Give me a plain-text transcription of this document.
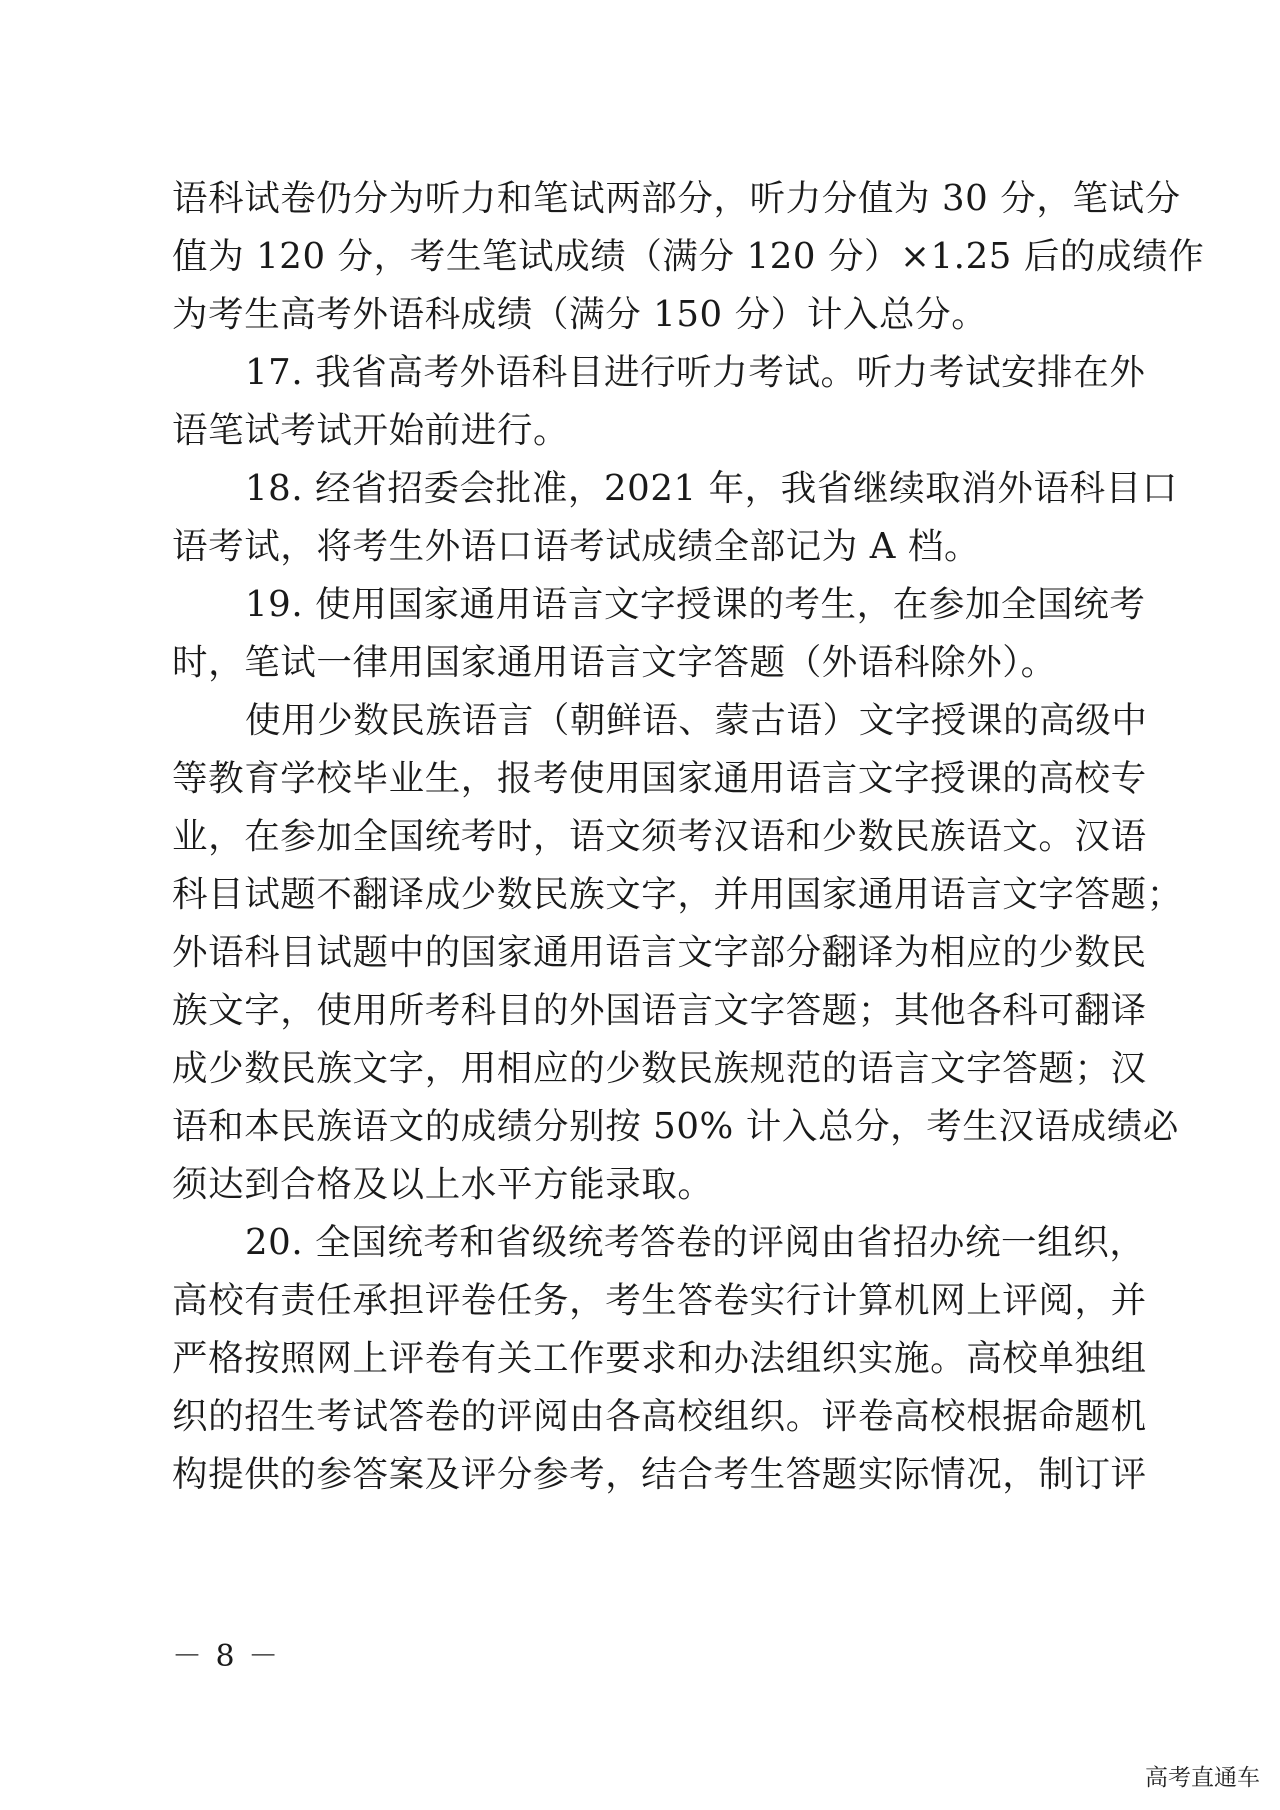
语科试卷仍分为听力和笔试两部分，听力分值为 30 分，笔试分
值为 120 分，考生笔试成绩（满分 120 分）×1.25 后的成绩作
为考生高考外语科成绩（满分 150 分）计入总分。
17. 我省高考外语科目进行听力考试。听力考试安排在外
语笔试考试开始前进行。
18. 经省招委会批准，2021 年，我省继续取消外语科目口
语考试，将考生外语口语考试成绩全部记为 A 档。
19. 使用国家通用语言文字授课的考生，在参加全国统考
时，笔试一律用国家通用语言文字答题（外语科除外）。
使用少数民族语言（朝鲜语、蒙古语）文字授课的高级中
等教育学校毕业生，报考使用国家通用语言文字授课的高校专
业，在参加全国统考时，语文须考汉语和少数民族语文。汉语
科目试题不翻译成少数民族文字，并用国家通用语言文字答题；
外语科目试题中的国家通用语言文字部分翻译为相应的少数民
族文字，使用所考科目的外国语言文字答题；其他各科可翻译
成少数民族文字，用相应的少数民族规范的语言文字答题；汉
语和本民族语文的成绩分别按 50% 计入总分，考生汉语成绩必
须达到合格及以上水平方能录取。
20. 全国统考和省级统考答卷的评阅由省招办统一组织，
高校有责任承担评卷任务，考生答卷实行计算机网上评阅，并
严格按照网上评卷有关工作要求和办法组织实施。高校单独组
织的招生考试答卷的评阅由各高校组织。评卷高校根据命题机
构提供的参答案及评分参考，结合考生答题实际情况，制订评
－ 8 －
高考直通车
